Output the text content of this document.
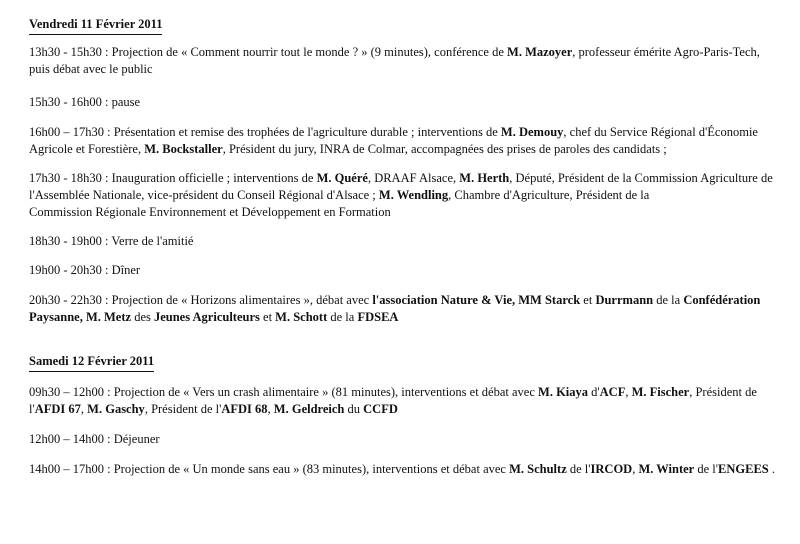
Vendredi 11 Février 2011
13h30 - 15h30 : Projection de « Comment nourrir tout le monde ? » (9 minutes), conférence de M. Mazoyer, professeur émérite Agro-Paris-Tech, puis débat avec le public
15h30 - 16h00 : pause
16h00 – 17h30 : Présentation et remise des trophées de l'agriculture durable ; interventions de M. Demouy, chef du Service Régional d'Économie Agricole et Forestière, M. Bockstaller, Président du jury, INRA de Colmar, accompagnées des prises de paroles des candidats ;
17h30 - 18h30 : Inauguration officielle ; interventions de M. Quéré, DRAAF Alsace, M. Herth, Député, Président de la Commission Agriculture de l'Assemblée Nationale, vice-président du Conseil Régional d'Alsace ; M. Wendling, Chambre d'Agriculture, Président de la
Commission Régionale Environnement et Développement en Formation
18h30 - 19h00 : Verre de l'amitié
19h00 - 20h30 : Dîner
20h30 - 22h30 : Projection de « Horizons alimentaires », débat avec l'association Nature & Vie, MM Starck et Durrmann de la Confédération Paysanne, M. Metz des Jeunes Agriculteurs et M. Schott de la FDSEA
Samedi 12 Février 2011
09h30 – 12h00 : Projection de « Vers un crash alimentaire » (81 minutes), interventions et débat avec M. Kiaya d'ACF, M. Fischer, Président de l'AFDI 67, M. Gaschy, Président de l'AFDI 68, M. Geldreich du CCFD
12h00 – 14h00 : Déjeuner
14h00 – 17h00 : Projection de « Un monde sans eau » (83 minutes), interventions et débat avec M. Schultz de l'IRCOD, M. Winter de l'ENGEES .
